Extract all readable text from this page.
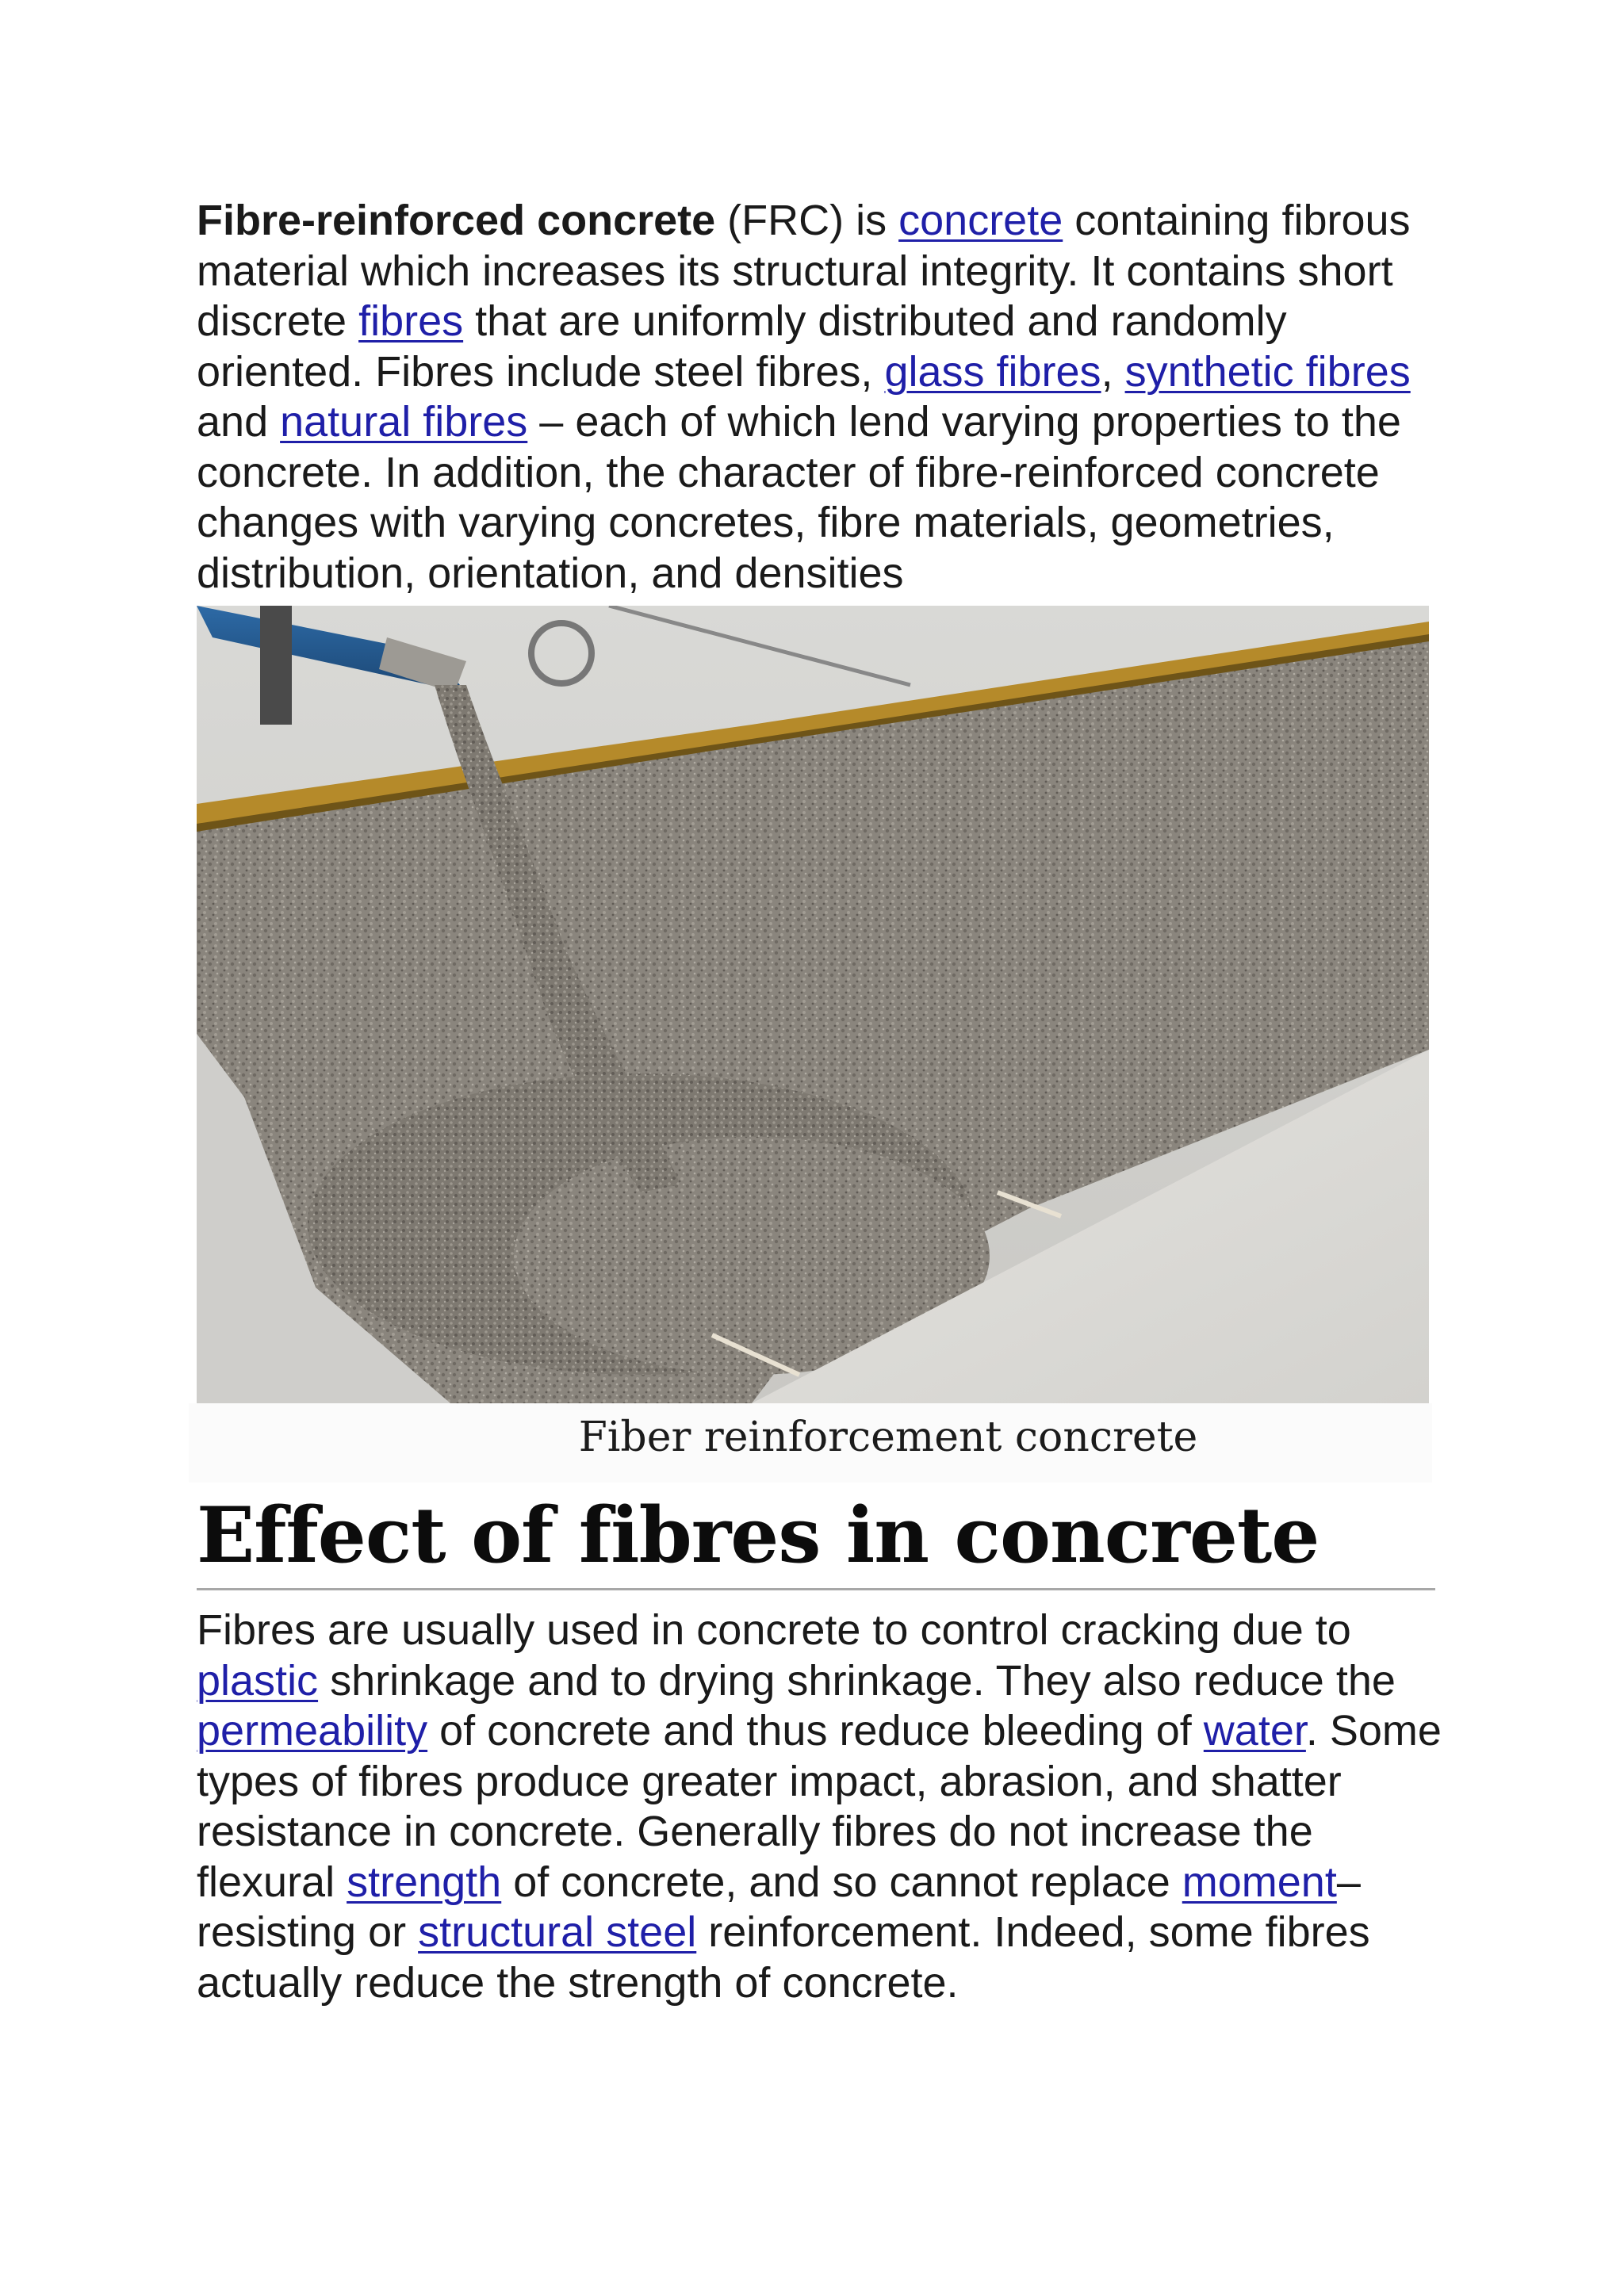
Fibre-reinforced concrete (FRC) is concrete containing fibrous material which increases its structural integrity. It contains short discrete fibres that are uniformly distributed and randomly oriented. Fibres include steel fibres, glass fibres, synthetic fibres and natural fibres – each of which lend varying properties to the concrete. In addition, the character of fibre-reinforced concrete changes with varying concretes, fibre materials, geometries, distribution, orientation, and densities

Fiber reinforcement concrete

Effect of fibres in concrete

Fibres are usually used in concrete to control cracking due to plastic shrinkage and to drying shrinkage. They also reduce the permeability of concrete and thus reduce bleeding of water. Some types of fibres produce greater impact, abrasion, and shatter resistance in concrete. Generally fibres do not increase the flexural strength of concrete, and so cannot replace moment–resisting or structural steel reinforcement. Indeed, some fibres actually reduce the strength of concrete.
